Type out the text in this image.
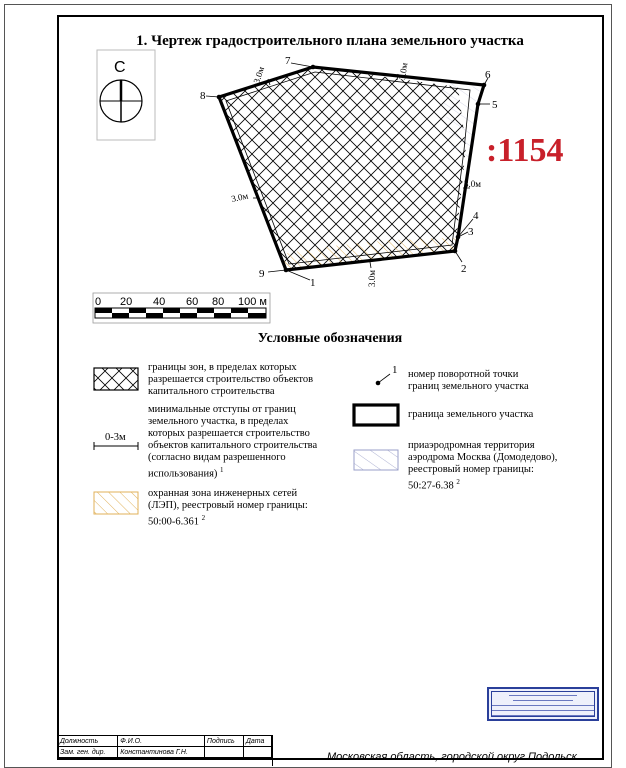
1. Чертеж градостроительного плана земельного участка
1
2
3
4
5
6
7
8
9
3.0м	3.0м
3.0м
3.0м
3.0м
:1154
С
0 20 40 60 80 100 м
Условные обозначения
0-3м
1
границы зон, в пределах которых
разрешается строительство объектов
капитального строительства
минимальные отступы от границ
земельного участка, в пределах
которых разрешается строительство
объектов капитального строительства
(согласно видам разрешенного
использования) $^1$
охранная зона инженерных сетей
(ЛЭП), реестровый номер границы:
50:00-6.361 $^2$
номер поворотной точки
границ земельного участка
граница земельного участка
приаэродромная территория
аэродрома Москва (Домодедово),
реестровый номер границы:
50:27-6.38 $^2$
Должность	Ф.И.О.	Подпись	Дата
Зам. ген. дир.	Константинова Г.Н.			Московская область, городской округ Подольск
